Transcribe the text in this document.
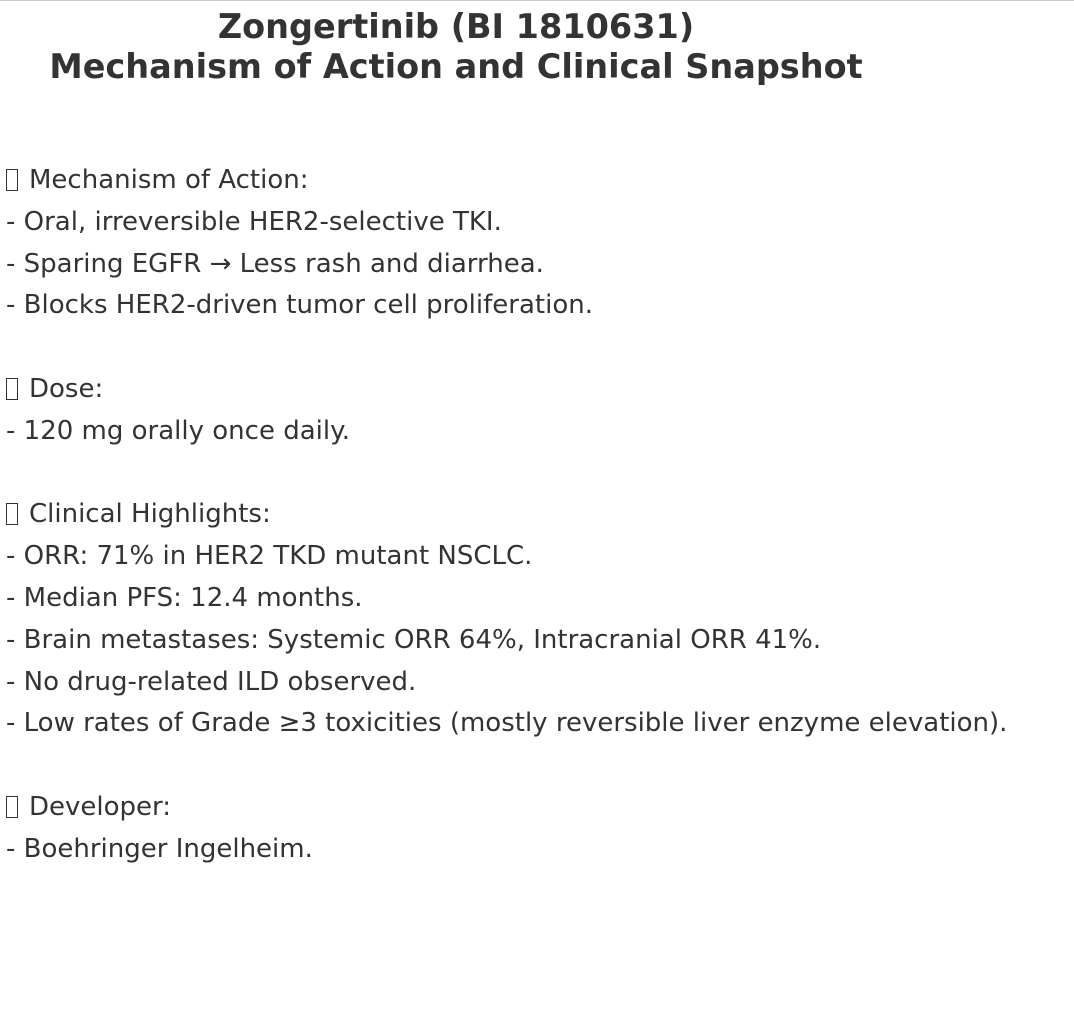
Zongertinib (BI 1810631)
Mechanism of Action and Clinical Snapshot
Mechanism of Action:
- Oral, irreversible HER2-selective TKI.
- Sparing EGFR → Less rash and diarrhea.
- Blocks HER2-driven tumor cell proliferation.
Dose:
- 120 mg orally once daily.
Clinical Highlights:
- ORR: 71% in HER2 TKD mutant NSCLC.
- Median PFS: 12.4 months.
- Brain metastases: Systemic ORR 64%, Intracranial ORR 41%.
- No drug-related ILD observed.
- Low rates of Grade ≥3 toxicities (mostly reversible liver enzyme elevation).
Developer:
- Boehringer Ingelheim.
